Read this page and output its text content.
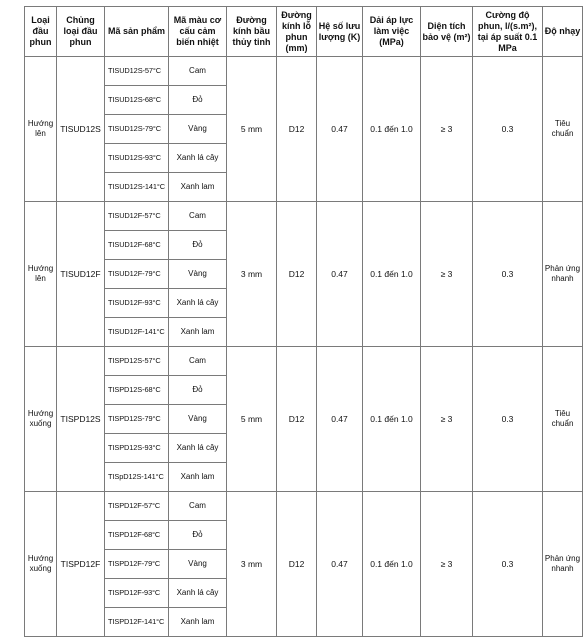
Loại đầu phun	Chủng loại đầu phun	Mã sản phẩm	Mã màu cơ cấu cảm biến nhiệt	Đường kính bầu thủy tinh	Đường kính lỗ phun (mm)	Hệ số lưu lượng (K)	Dải áp lực làm việc (MPa)	Diện tích bảo vệ (m²)	Cường độ phun, l/(s.m²), tại áp suất 0.1 MPa	Độ nhạy
Hướng lên	TISUD12S	TISUD12S-57°C	Cam	5 mm	D12	0.47	0.1 đến 1.0	≥ 3	0.3	Tiêu chuẩn
		TISUD12S-68°C	Đỏ							
		TISUD12S-79°C	Vàng							
		TISUD12S-93°C	Xanh lá cây							
		TISUD12S-141°C	Xanh lam							
Hướng lên	TISUD12F	TISUD12F-57°C	Cam	3 mm	D12	0.47	0.1 đến 1.0	≥ 3	0.3	Phản ứng nhanh
		TISUD12F-68°C	Đỏ							
		TISUD12F-79°C	Vàng							
		TISUD12F-93°C	Xanh lá cây							
		TISUD12F-141°C	Xanh lam							
Hướng xuống	TISPD12S	TISPD12S-57°C	Cam	5 mm	D12	0.47	0.1 đến 1.0	≥ 3	0.3	Tiêu chuẩn
		TISPD12S-68°C	Đỏ							
		TISPD12S-79°C	Vàng							
		TISPD12S-93°C	Xanh lá cây							
		TISpD12S-141°C	Xanh lam							
Hướng xuống	TISPD12F	TISPD12F-57°C	Cam	3 mm	D12	0.47	0.1 đến 1.0	≥ 3	0.3	Phản ứng nhanh
		TISPD12F-68°C	Đỏ							
		TISPD12F-79°C	Vàng							
		TISPD12F-93°C	Xanh lá cây							
		TISPD12F-141°C	Xanh lam							
